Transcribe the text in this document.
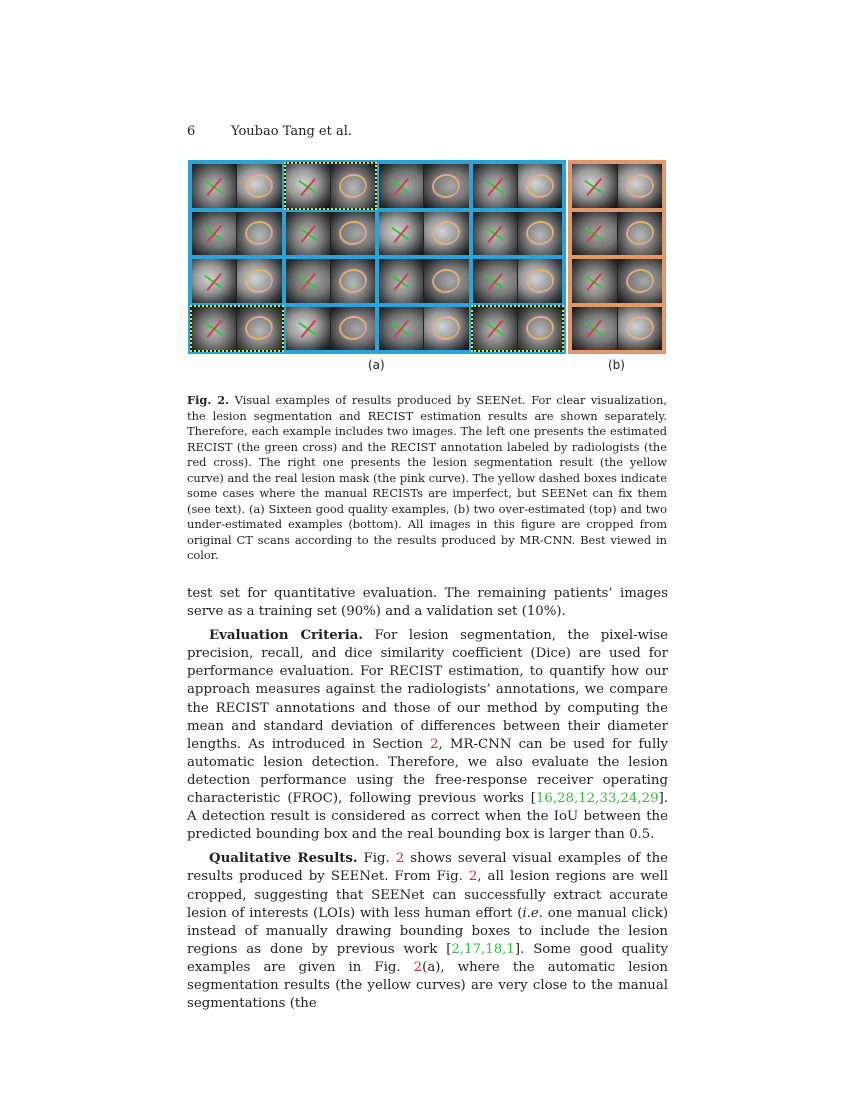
6	Youbao Tang et al.
(a)	(b)
Fig. 2. Visual examples of results produced by SEENet. For clear visualization, the lesion segmentation and RECIST estimation results are shown separately. Therefore, each example includes two images. The left one presents the estimated RECIST (the green cross) and the RECIST annotation labeled by radiologists (the red cross). The right one presents the lesion segmentation result (the yellow curve) and the real lesion mask (the pink curve). The yellow dashed boxes indicate some cases where the manual RECISTs are imperfect, but SEENet can fix them (see text). (a) Sixteen good quality examples, (b) two over-estimated (top) and two under-estimated examples (bottom). All images in this figure are cropped from original CT scans according to the results produced by MR-CNN. Best viewed in color.

test set for quantitative evaluation. The remaining patients’ images serve as a training set (90%) and a validation set (10%).

Evaluation Criteria. For lesion segmentation, the pixel-wise precision, recall, and dice similarity coefficient (Dice) are used for performance evaluation. For RECIST estimation, to quantify how our approach measures against the radiologists’ annotations, we compare the RECIST annotations and those of our method by computing the mean and standard deviation of differences between their diameter lengths. As introduced in Section 2, MR-CNN can be used for fully automatic lesion detection. Therefore, we also evaluate the lesion detection performance using the free-response receiver operating characteristic (FROC), following previous works [16,28,12,33,24,29]. A detection result is considered as correct when the IoU between the predicted bounding box and the real bounding box is larger than 0.5.

Qualitative Results. Fig. 2 shows several visual examples of the results produced by SEENet. From Fig. 2, all lesion regions are well cropped, suggesting that SEENet can successfully extract accurate lesion of interests (LOIs) with less human effort (i.e. one manual click) instead of manually drawing bounding boxes to include the lesion regions as done by previous work [2,17,18,1]. Some good quality examples are given in Fig. 2(a), where the automatic lesion segmentation results (the yellow curves) are very close to the manual segmentations (the
